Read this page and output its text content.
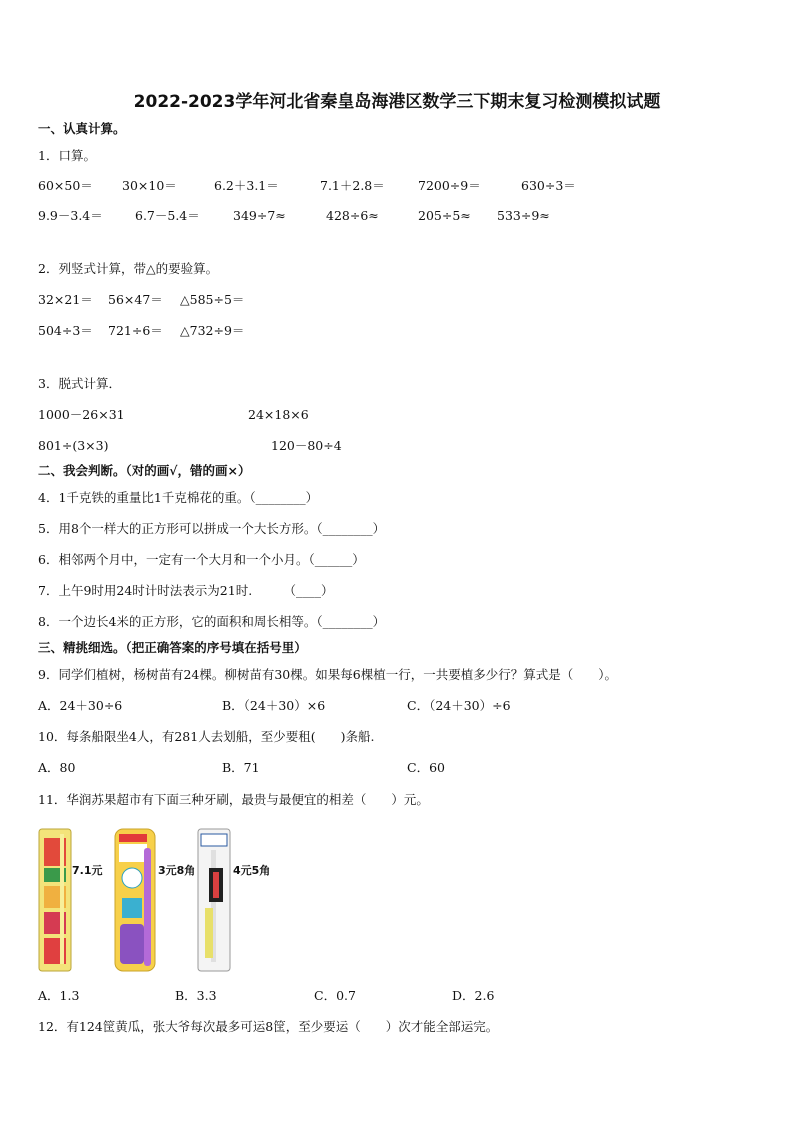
2022-2023学年河北省秦皇岛海港区数学三下期末复习检测模拟试题
一、认真计算。
1．口算。
60×50＝ 30×10＝	6.2＋3.1＝	7.1＋2.8＝	7200÷9＝	630÷3＝
9.9－3.4＝	6.7－5.4＝	349÷7≈	428÷6≈	205÷5≈ 533÷9≈
2．列竖式计算，带△的要验算。
32×21＝ 56×47＝ △585÷5＝
504÷3＝ 721÷6＝ △732÷9＝
3．脱式计算．
1000－26×31	24×18×6
801÷(3×3)	120－80÷4
二、我会判断。（对的画√，错的画×）
4．1千克铁的重量比1千克棉花的重。（________）
5．用8个一样大的正方形可以拼成一个大长方形。（________）
6．相邻两个月中，一定有一个大月和一个小月。（______）
7．上午9时用24时计时法表示为21时.　　　（____）
8．一个边长4米的正方形，它的面积和周长相等。（________）
三、精挑细选。（把正确答案的序号填在括号里）
9．同学们植树，杨树苗有24棵。柳树苗有30棵。如果每6棵植一行，一共要植多少行？算式是（　　）。
A．24＋30÷6	B．（24＋30）×6	C．（24＋30）÷6
10．每条船限坐4人，有281人去划船，至少要租(　　)条船.
A．80	B．71	C．60
11．华润苏果超市有下面三种牙刷，最贵与最便宜的相差（　　）元。
7.1元	3元8角	4元5角
A．1.3	B．3.3	C．0.7	D．2.6
12．有124筐黄瓜，张大爷每次最多可运8筐，至少要运（　　）次才能全部运完。
